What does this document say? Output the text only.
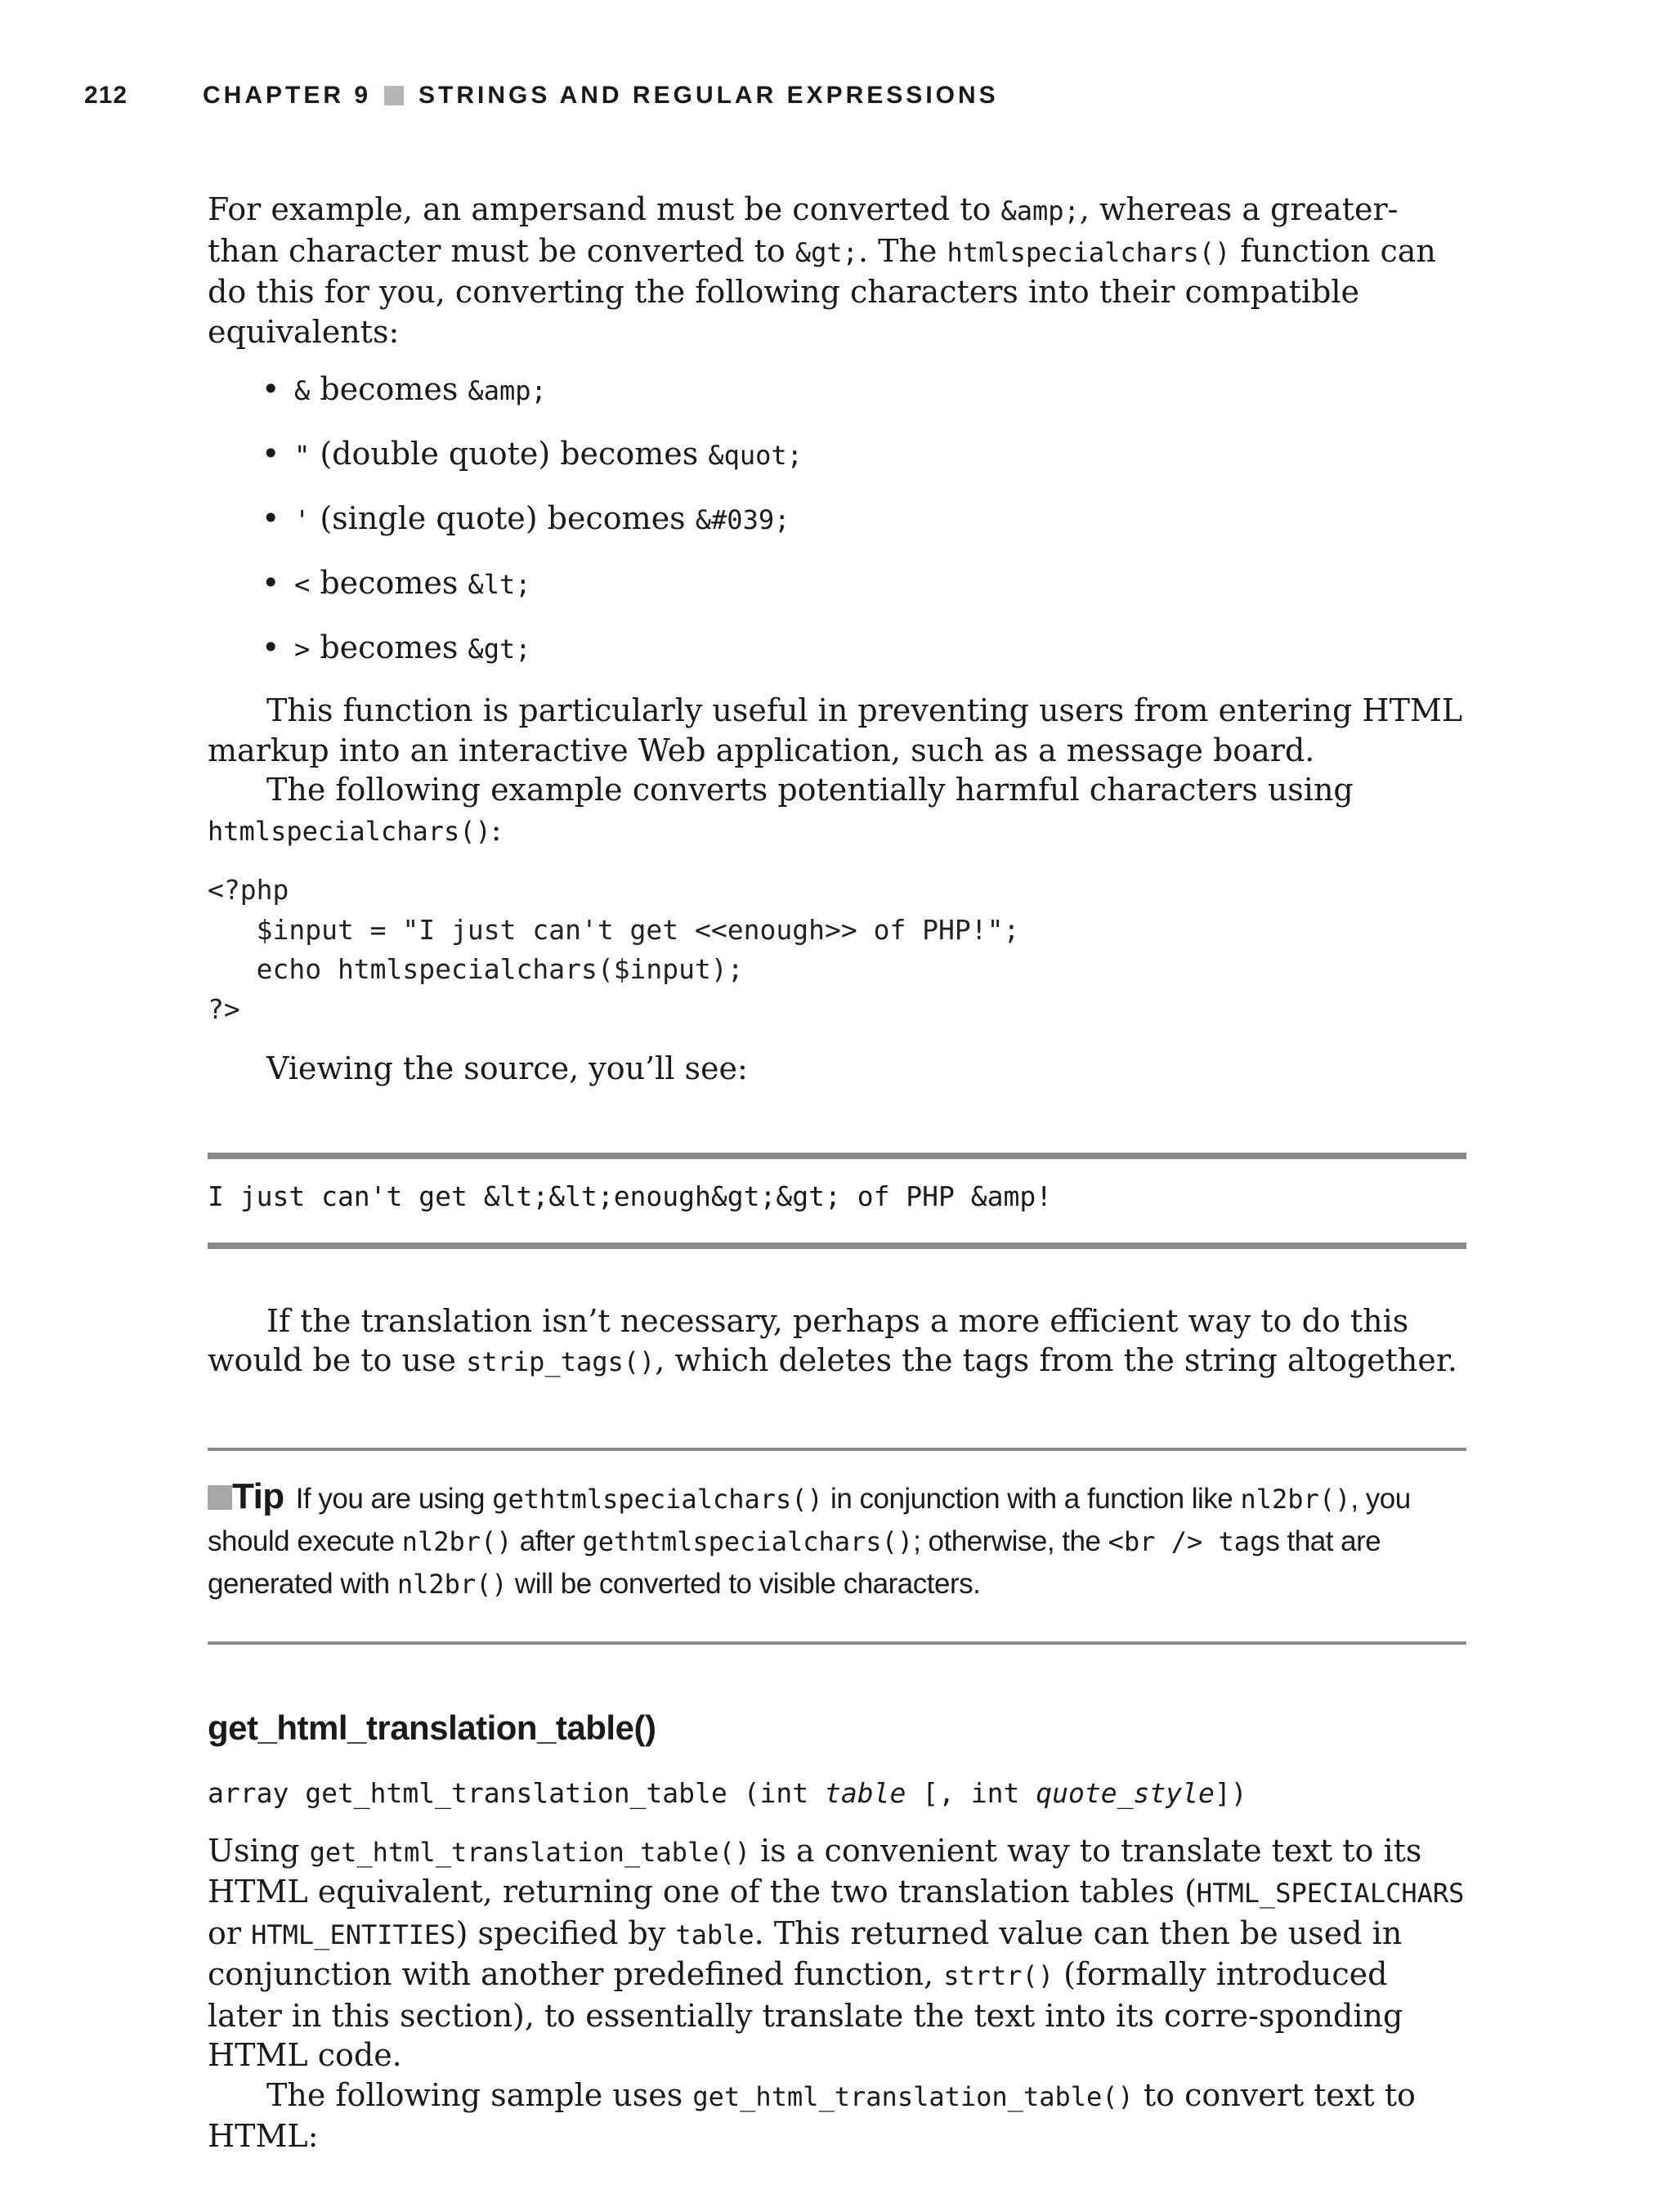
212	CHAPTER 9 STRINGS AND REGULAR EXPRESSIONS

For example, an ampersand must be converted to &amp;, whereas a greater-than character must be converted to &gt;. The htmlspecialchars() function can do this for you, converting the following characters into their compatible equivalents:

• & becomes &amp;
• " (double quote) becomes &quot;
• ' (single quote) becomes &#039;
• < becomes &lt;
• > becomes &gt;

This function is particularly useful in preventing users from entering HTML markup into an interactive Web application, such as a message board.

The following example converts potentially harmful characters using htmlspecialchars():

<?php
$input = "I just can't get <<enough>> of PHP!";
echo htmlspecialchars($input);
?>

Viewing the source, you’ll see:

I just can't get &lt;&lt;enough&gt;&gt; of PHP &amp!

If the translation isn’t necessary, perhaps a more efficient way to do this would be to use strip_tags(), which deletes the tags from the string altogether.

Tip If you are using gethtmlspecialchars() in conjunction with a function like nl2br(), you should execute nl2br() after gethtmlspecialchars(); otherwise, the <br /> tags that are generated with nl2br() will be converted to visible characters.
get_html_translation_table()
array get_html_translation_table (int table [, int quote_style])

Using get_html_translation_table() is a convenient way to translate text to its HTML equivalent, returning one of the two translation tables (HTML_SPECIALCHARS or HTML_ENTITIES) specified by table. This returned value can then be used in conjunction with another predefined function, strtr() (formally introduced later in this section), to essentially translate the text into its corre-sponding HTML code.

The following sample uses get_html_translation_table() to convert text to HTML:
